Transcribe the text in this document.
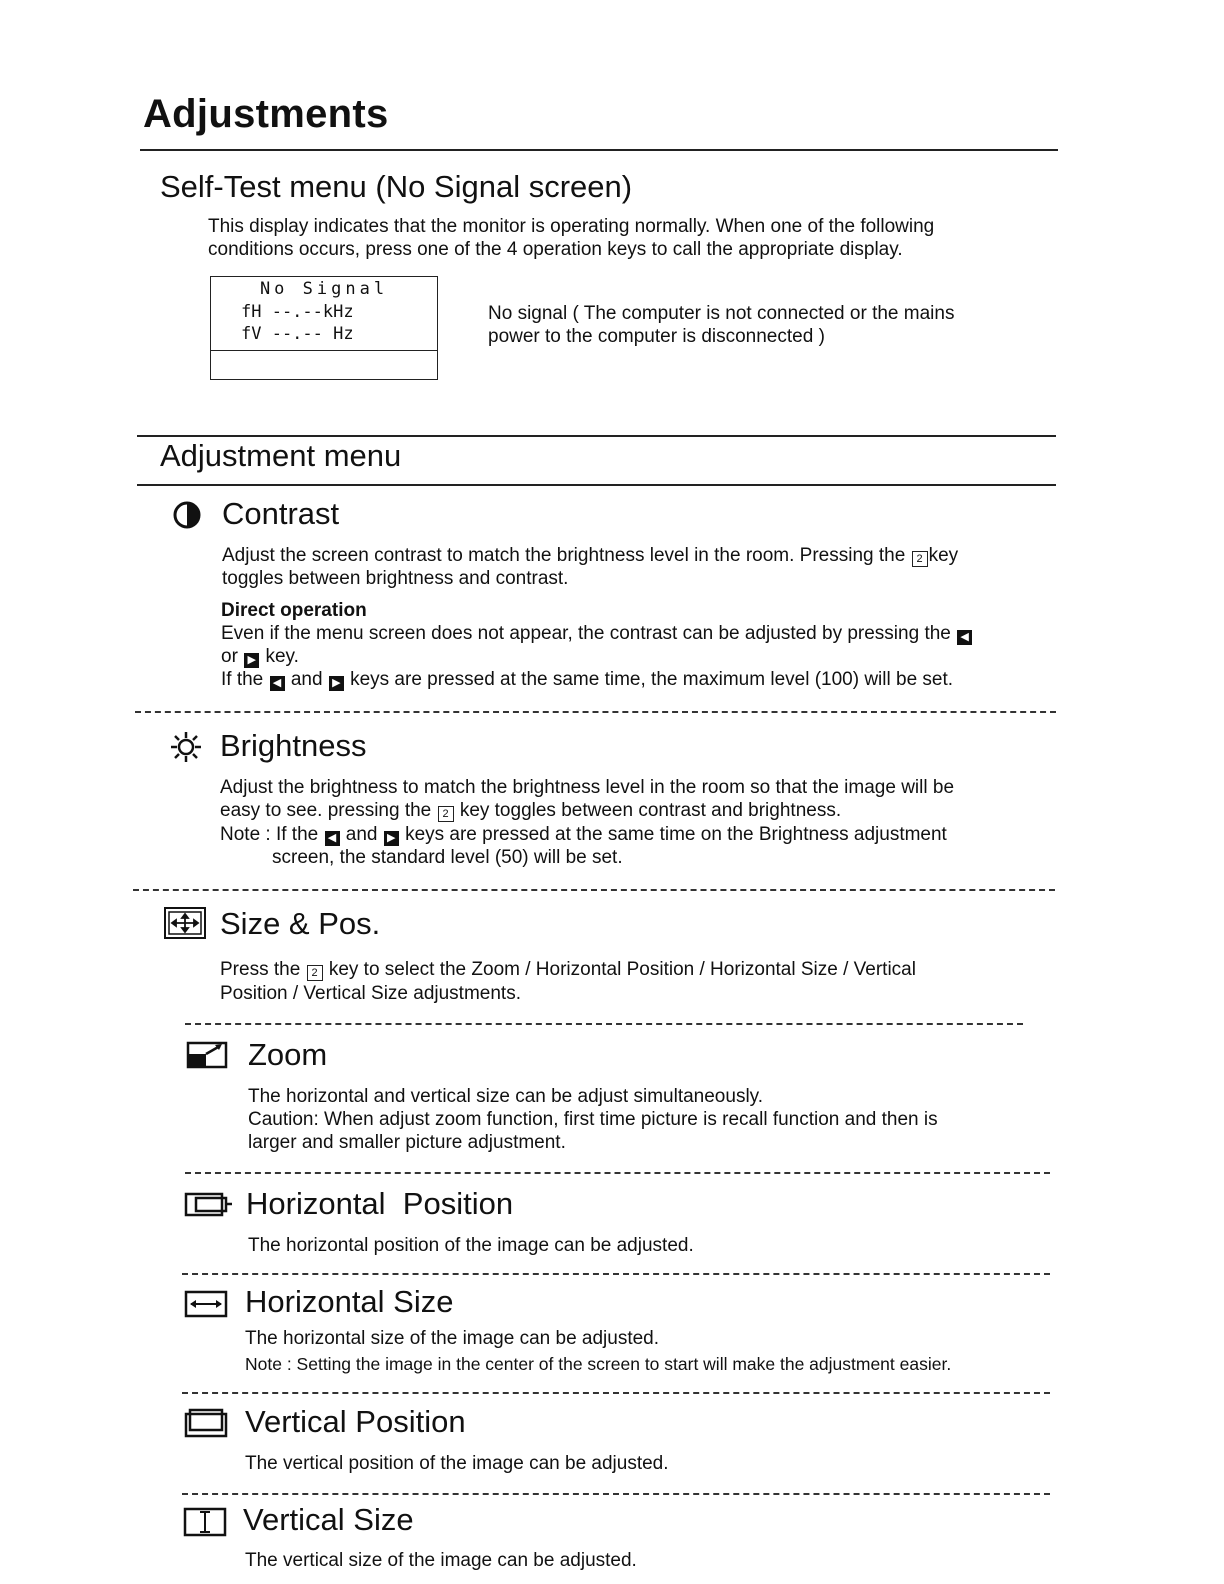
Adjustments
Self-Test menu (No Signal screen)
This display indicates that the monitor is operating normally. When one of the following
conditions occurs, press one of the 4 operation keys to call the appropriate display.
No Signal
fH --.--kHz
fV --.-- Hz
No signal ( The computer is not connected or the mains
power to the computer is disconnected )
Adjustment menu
Contrast
Adjust the screen contrast to match the brightness level in the room. Pressing the 2 key
toggles between brightness and contrast.
Direct operation
Even if the menu screen does not appear, the contrast can be adjusted by pressing the ◀
or ▶ key.
If the ◀ and ▶ keys are pressed at the same time, the maximum level (100) will be set.
Brightness
Adjust the brightness to match the brightness level in the room so that the image will be
easy to see. pressing the 2 key toggles between contrast and brightness.
Note : If the ◀ and ▶ keys are pressed at the same time on the Brightness adjustment
screen, the standard level (50) will be set.
Size & Pos.
Press the 2 key to select the Zoom / Horizontal Position / Horizontal Size / Vertical
Position / Vertical Size adjustments.
Zoom
The horizontal and vertical size can be adjust simultaneously.
Caution: When adjust zoom function, first time picture is recall function and then is
larger and smaller picture adjustment.
Horizontal  Position
The horizontal position of the image can be adjusted.
Horizontal Size
The horizontal size of the image can be adjusted.
Note : Setting the image in the center of the screen to start will make the adjustment easier.
Vertical Position
The vertical position of the image can be adjusted.
Vertical Size
The vertical size of the image can be adjusted.
